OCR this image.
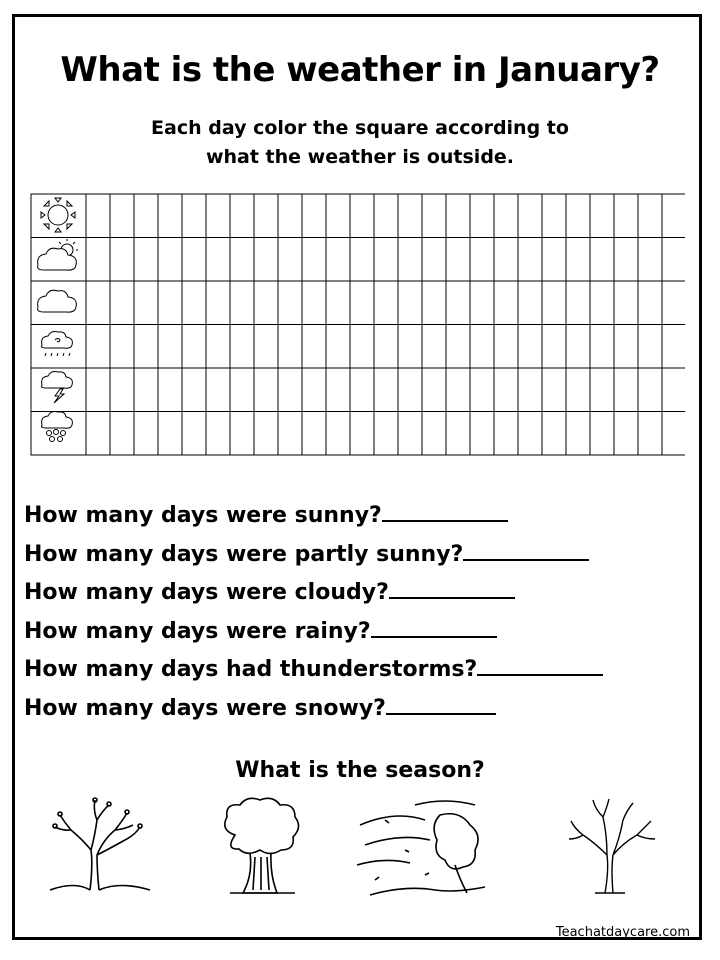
What is the weather in January?
Each day color the square according to
what the weather is outside.
How many days were sunny?
How many days were partly sunny?
How many days were cloudy?
How many days were rainy?
How many days had thunderstorms?
How many days were snowy?
What is the season?
Teachatdaycare.com
